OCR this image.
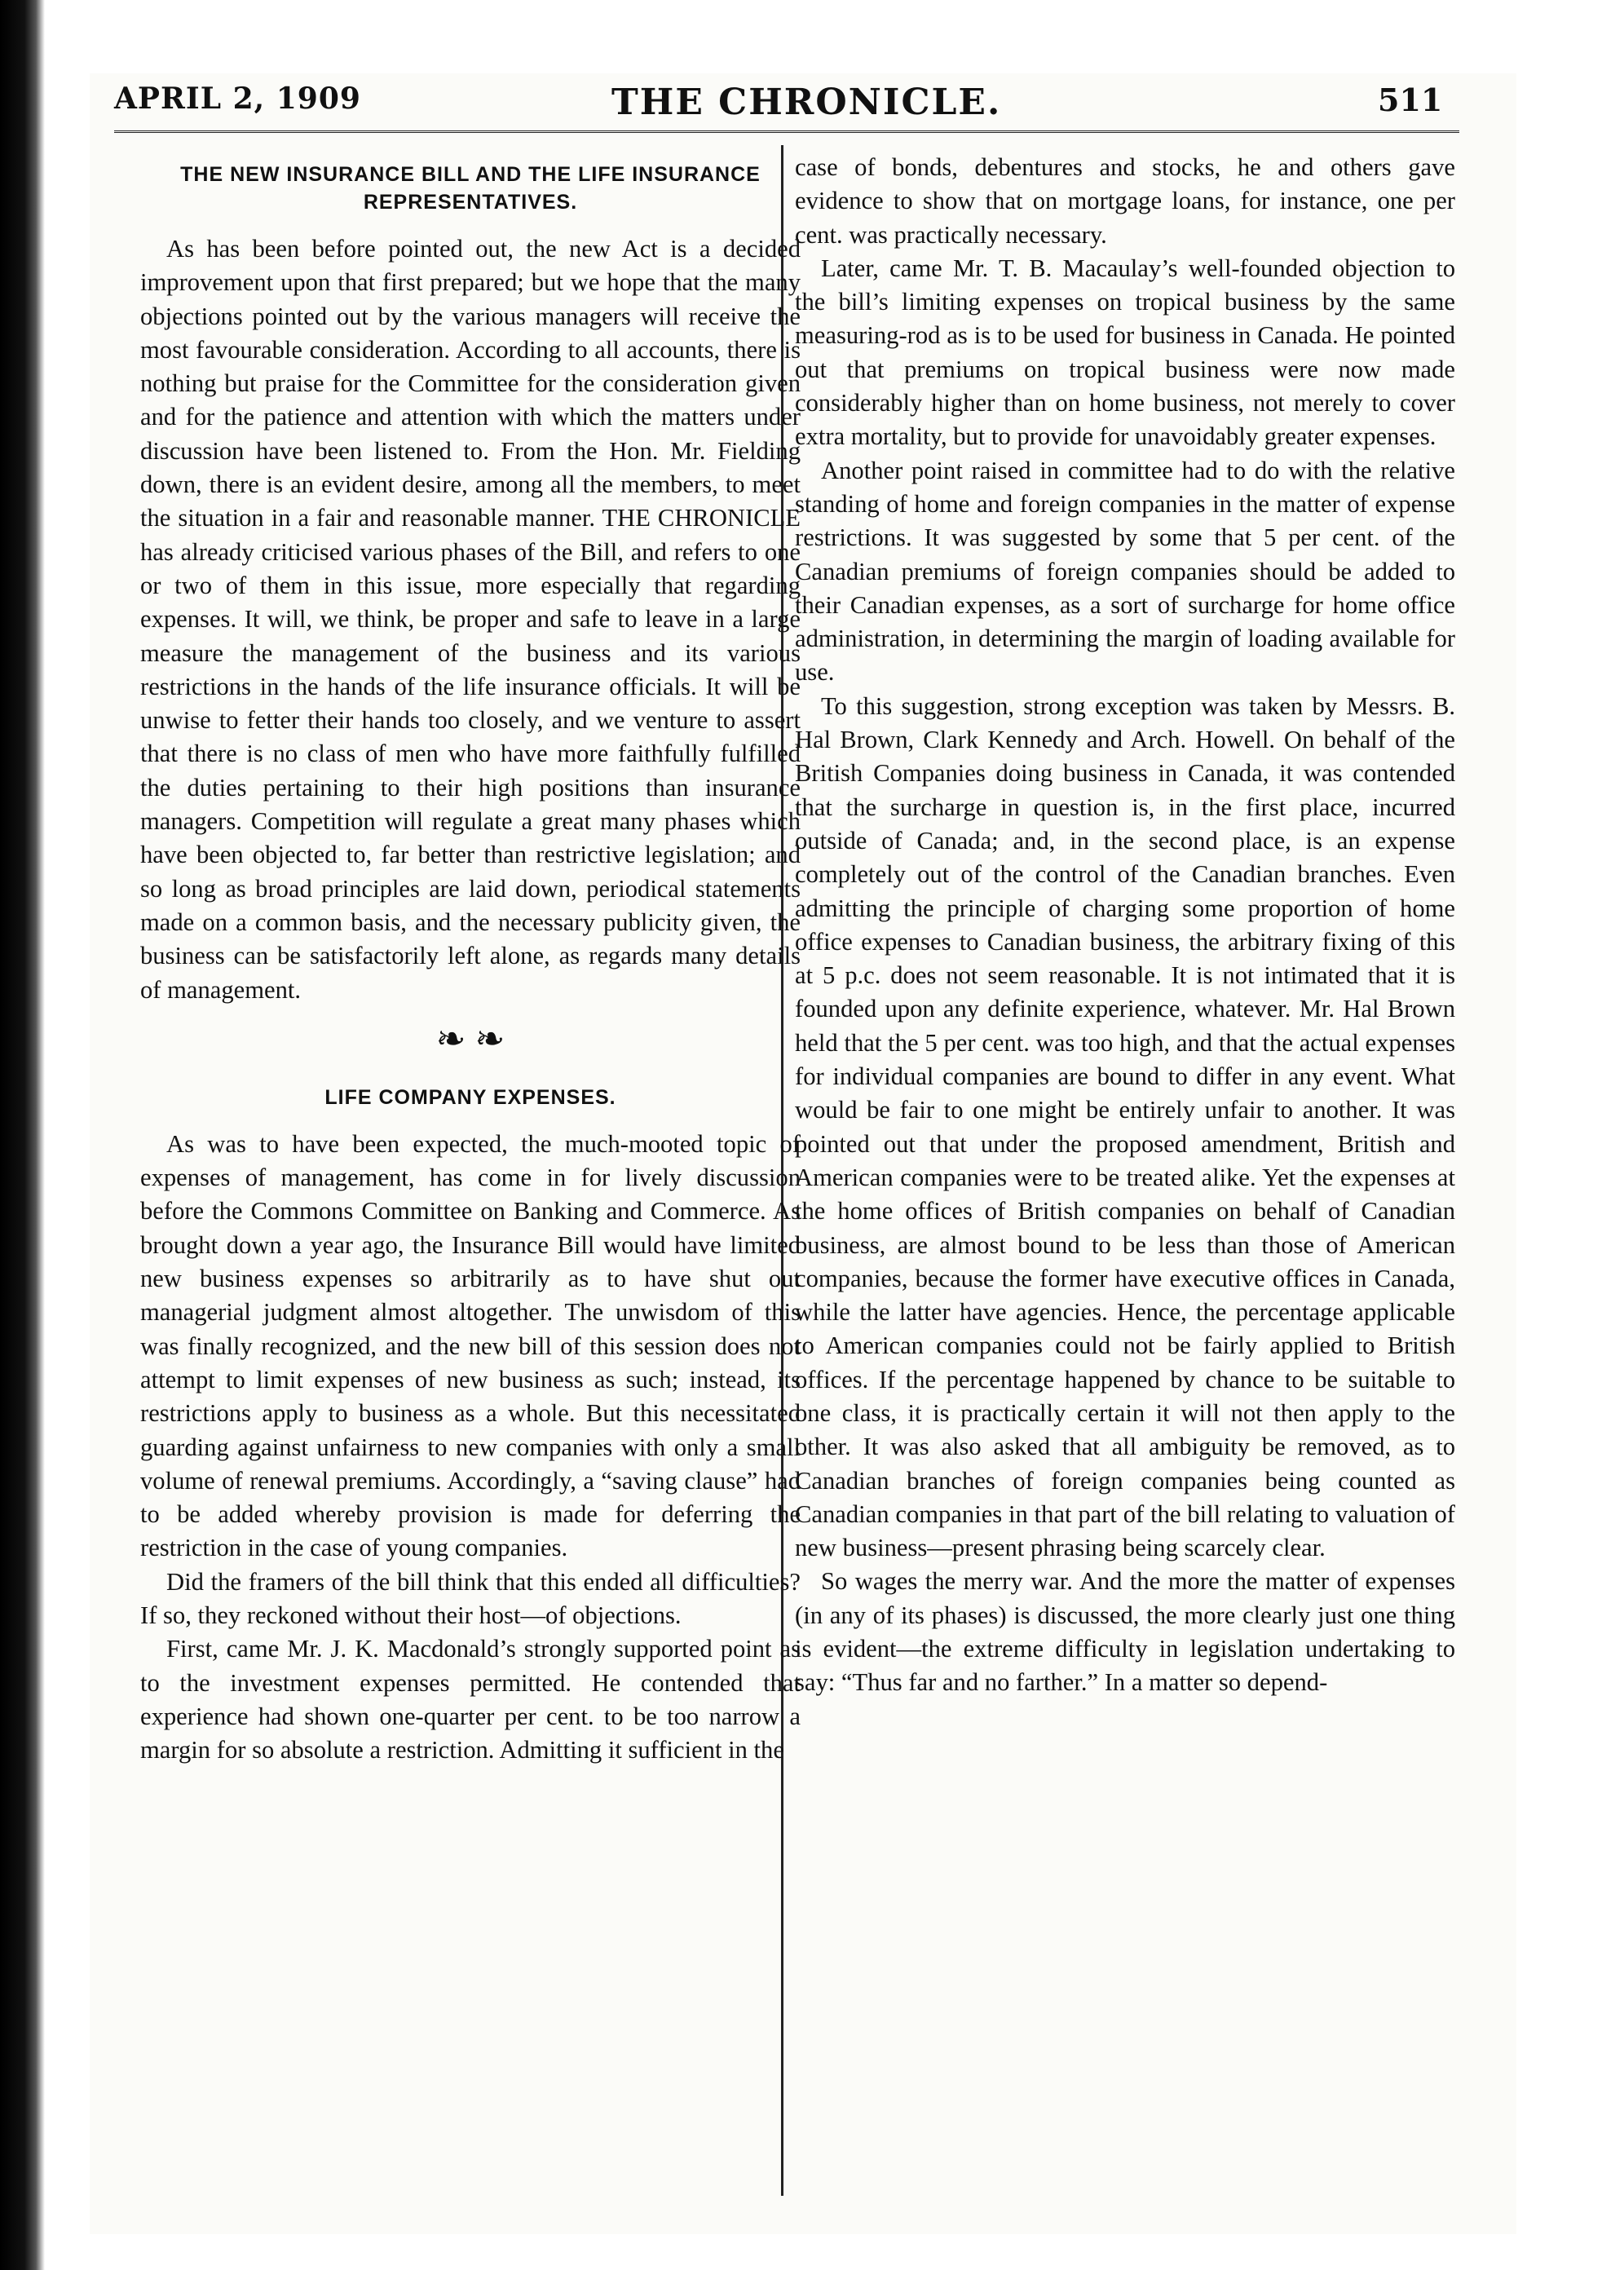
APRIL 2, 1909	THE CHRONICLE.	511
THE NEW INSURANCE BILL AND THE LIFE INSURANCE REPRESENTATIVES.

As has been before pointed out, the new Act is a decided improvement upon that first prepared; but we hope that the many objections pointed out by the various managers will receive the most favourable consideration. According to all accounts, there is nothing but praise for the Committee for the consideration given and for the patience and attention with which the matters under discussion have been listened to. From the Hon. Mr. Fielding down, there is an evident desire, among all the members, to meet the situation in a fair and reasonable manner. THE CHRONICLE has already criticised various phases of the Bill, and refers to one or two of them in this issue, more especially that regarding expenses. It will, we think, be proper and safe to leave in a large measure the management of the business and its various restrictions in the hands of the life insurance officials. It will be unwise to fetter their hands too closely, and we venture to assert that there is no class of men who have more faithfully fulfilled the duties pertaining to their high positions than insurance managers. Competition will regulate a great many phases which have been objected to, far better than restrictive legislation; and so long as broad principles are laid down, periodical statements made on a common basis, and the necessary publicity given, the business can be satisfactorily left alone, as regards many details of management.

❧ ❧
LIFE COMPANY EXPENSES.

As was to have been expected, the much-mooted topic of expenses of management, has come in for lively discussion before the Commons Committee on Banking and Commerce. As brought down a year ago, the Insurance Bill would have limited new business expenses so arbitrarily as to have shut out managerial judgment almost altogether. The unwisdom of this was finally recognized, and the new bill of this session does not attempt to limit expenses of new business as such; instead, its restrictions apply to business as a whole. But this necessitated guarding against unfairness to new companies with only a small volume of renewal premiums. Accordingly, a “saving clause” had to be added whereby provision is made for deferring the restriction in the case of young companies.

Did the framers of the bill think that this ended all difficulties? If so, they reckoned without their host—of objections.

First, came Mr. J. K. Macdonald’s strongly supported point as to the investment expenses permitted. He contended that experience had shown one-quarter per cent. to be too narrow a margin for so absolute a restriction. Admitting it sufficient in the

case of bonds, debentures and stocks, he and others gave evidence to show that on mortgage loans, for instance, one per cent. was practically necessary.

Later, came Mr. T. B. Macaulay’s well-founded objection to the bill’s limiting expenses on tropical business by the same measuring-rod as is to be used for business in Canada. He pointed out that premiums on tropical business were now made considerably higher than on home business, not merely to cover extra mortality, but to provide for unavoidably greater expenses.

Another point raised in committee had to do with the relative standing of home and foreign companies in the matter of expense restrictions. It was suggested by some that 5 per cent. of the Canadian premiums of foreign companies should be added to their Canadian expenses, as a sort of surcharge for home office administration, in determining the margin of loading available for use.

To this suggestion, strong exception was taken by Messrs. B. Hal Brown, Clark Kennedy and Arch. Howell. On behalf of the British Companies doing business in Canada, it was contended that the surcharge in question is, in the first place, incurred outside of Canada; and, in the second place, is an expense completely out of the control of the Canadian branches. Even admitting the principle of charging some proportion of home office expenses to Canadian business, the arbitrary fixing of this at 5 p.c. does not seem reasonable. It is not intimated that it is founded upon any definite experience, whatever. Mr. Hal Brown held that the 5 per cent. was too high, and that the actual expenses for individual companies are bound to differ in any event. What would be fair to one might be entirely unfair to another. It was pointed out that under the proposed amendment, British and American companies were to be treated alike. Yet the expenses at the home offices of British companies on behalf of Canadian business, are almost bound to be less than those of American companies, because the former have executive offices in Canada, while the latter have agencies. Hence, the percentage applicable to American companies could not be fairly applied to British offices. If the percentage happened by chance to be suitable to one class, it is practically certain it will not then apply to the other. It was also asked that all ambiguity be removed, as to Canadian branches of foreign companies being counted as Canadian companies in that part of the bill relating to valuation of new business—present phrasing being scarcely clear.

So wages the merry war. And the more the matter of expenses (in any of its phases) is discussed, the more clearly just one thing is evident—the extreme difficulty in legislation undertaking to say: “Thus far and no farther.” In a matter so depend-
